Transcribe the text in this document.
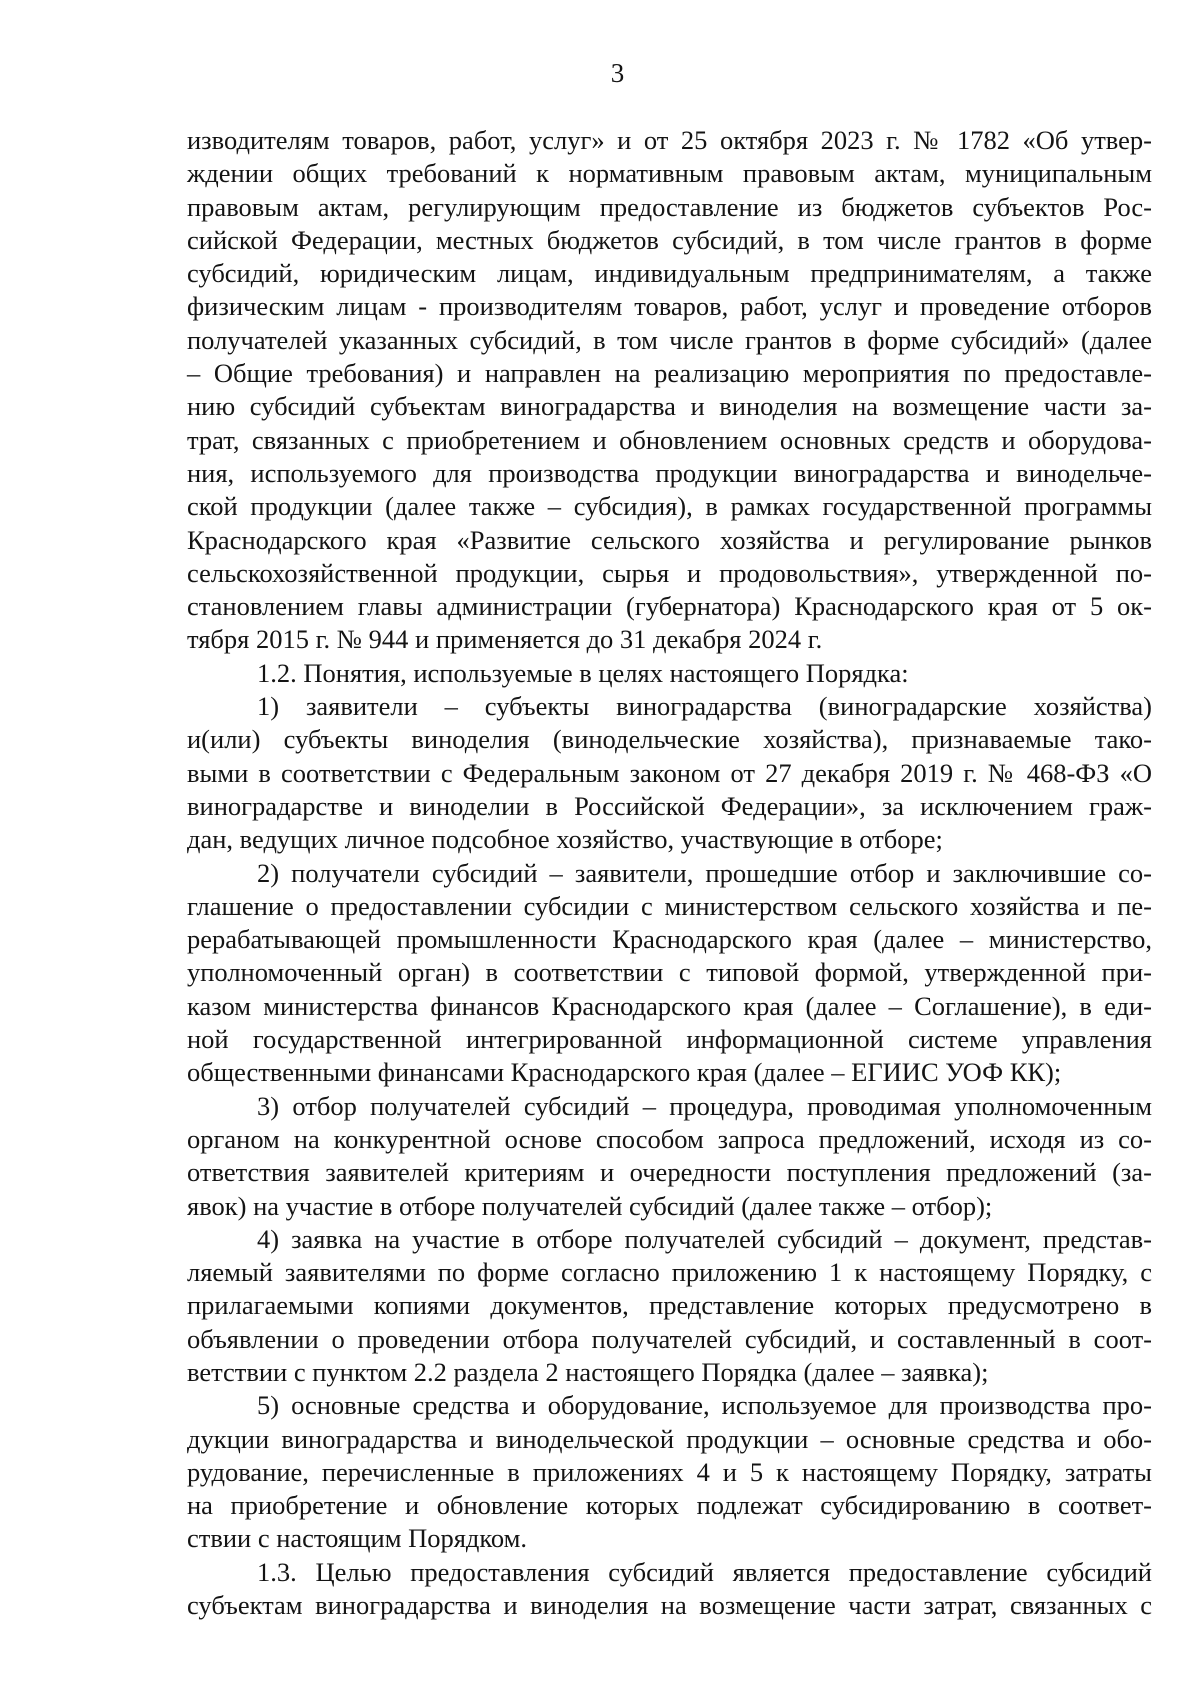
3
изводителям товаров, работ, услуг» и от 25 октября 2023 г. № 1782 «Об утвер-
ждении общих требований к нормативным правовым актам, муниципальным
правовым актам, регулирующим предоставление из бюджетов субъектов Рос-
сийской Федерации, местных бюджетов субсидий, в том числе грантов в форме
субсидий, юридическим лицам, индивидуальным предпринимателям, а также
физическим лицам - производителям товаров, работ, услуг и проведение отборов
получателей указанных субсидий, в том числе грантов в форме субсидий» (далее
– Общие требования) и направлен на реализацию мероприятия по предоставле-
нию субсидий субъектам виноградарства и виноделия на возмещение части за-
трат, связанных с приобретением и обновлением основных средств и оборудова-
ния, используемого для производства продукции виноградарства и винодельче-
ской продукции (далее также – субсидия), в рамках государственной программы
Краснодарского края «Развитие сельского хозяйства и регулирование рынков
сельскохозяйственной продукции, сырья и продовольствия», утвержденной по-
становлением главы администрации (губернатора) Краснодарского края от 5 ок-
тября 2015 г. № 944 и применяется до 31 декабря 2024 г.
1.2. Понятия, используемые в целях настоящего Порядка:
1) заявители – субъекты виноградарства (виноградарские хозяйства)
и(или) субъекты виноделия (винодельческие хозяйства), признаваемые тако-
выми в соответствии с Федеральным законом от 27 декабря 2019 г. № 468-ФЗ «О
виноградарстве и виноделии в Российской Федерации», за исключением граж-
дан, ведущих личное подсобное хозяйство, участвующие в отборе;
2) получатели субсидий – заявители, прошедшие отбор и заключившие со-
глашение о предоставлении субсидии с министерством сельского хозяйства и пе-
рерабатывающей промышленности Краснодарского края (далее – министерство,
уполномоченный орган) в соответствии с типовой формой, утвержденной при-
казом министерства финансов Краснодарского края (далее – Соглашение), в еди-
ной государственной интегрированной информационной системе управления
общественными финансами Краснодарского края (далее – ЕГИИС УОФ КК);
3) отбор получателей субсидий – процедура, проводимая уполномоченным
органом на конкурентной основе способом запроса предложений, исходя из со-
ответствия заявителей критериям и очередности поступления предложений (за-
явок) на участие в отборе получателей субсидий (далее также – отбор);
4) заявка на участие в отборе получателей субсидий – документ, представ-
ляемый заявителями по форме согласно приложению 1 к настоящему Порядку, с
прилагаемыми копиями документов, представление которых предусмотрено в
объявлении о проведении отбора получателей субсидий, и составленный в соот-
ветствии с пунктом 2.2 раздела 2 настоящего Порядка (далее – заявка);
5) основные средства и оборудование, используемое для производства про-
дукции виноградарства и винодельческой продукции – основные средства и обо-
рудование, перечисленные в приложениях 4 и 5 к настоящему Порядку, затраты
на приобретение и обновление которых подлежат субсидированию в соответ-
ствии с настоящим Порядком.
1.3. Целью предоставления субсидий является предоставление субсидий
субъектам виноградарства и виноделия на возмещение части затрат, связанных с
